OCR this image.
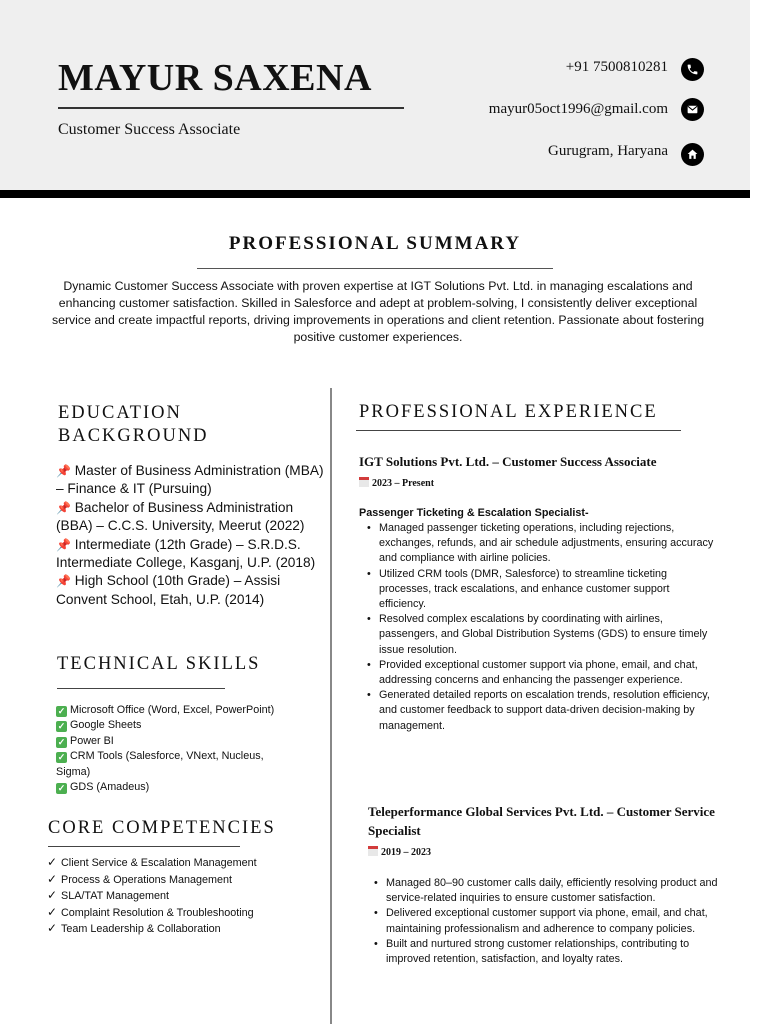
MAYUR SAXENA
Customer Success Associate
+91 7500810281
mayur05oct1996@gmail.com
Gurugram, Haryana
PROFESSIONAL SUMMARY

Dynamic Customer Success Associate with proven expertise at IGT Solutions Pvt. Ltd. in managing escalations and enhancing customer satisfaction. Skilled in Salesforce and adept at problem-solving, I consistently deliver exceptional service and create impactful reports, driving improvements in operations and client retention. Passionate about fostering positive customer experiences.

EDUCATION
BACKGROUND
📌 Master of Business Administration (MBA) – Finance & IT (Pursuing)
📌 Bachelor of Business Administration (BBA) – C.C.S. University, Meerut (2022)
📌 Intermediate (12th Grade) – S.R.D.S. Intermediate College, Kasganj, U.P. (2018)
📌 High School (10th Grade) – Assisi Convent School, Etah, U.P. (2014)
TECHNICAL SKILLS
✓ Microsoft Office (Word, Excel, PowerPoint)
✓ Google Sheets
✓ Power BI
✓ CRM Tools (Salesforce, VNext, Nucleus, Sigma)
✓ GDS (Amadeus)
CORE COMPETENCIES
✓ Client Service & Escalation Management
✓ Process & Operations Management
✓ SLA/TAT Management
✓ Complaint Resolution & Troubleshooting
✓ Team Leadership & Collaboration
PROFESSIONAL EXPERIENCE
IGT Solutions Pvt. Ltd. – Customer Success Associate
2023 – Present
Passenger Ticketing & Escalation Specialist-
• Managed passenger ticketing operations, including rejections, exchanges, refunds, and air schedule adjustments, ensuring accuracy and compliance with airline policies.
• Utilized CRM tools (DMR, Salesforce) to streamline ticketing processes, track escalations, and enhance customer support efficiency.
• Resolved complex escalations by coordinating with airlines, passengers, and Global Distribution Systems (GDS) to ensure timely issue resolution.
• Provided exceptional customer support via phone, email, and chat, addressing concerns and enhancing the passenger experience.
• Generated detailed reports on escalation trends, resolution efficiency, and customer feedback to support data-driven decision-making by management.
Teleperformance Global Services Pvt. Ltd. – Customer Service Specialist
2019 – 2023
• Managed 80–90 customer calls daily, efficiently resolving product and service-related inquiries to ensure customer satisfaction.
• Delivered exceptional customer support via phone, email, and chat, maintaining professionalism and adherence to company policies.
• Built and nurtured strong customer relationships, contributing to improved retention, satisfaction, and loyalty rates.
